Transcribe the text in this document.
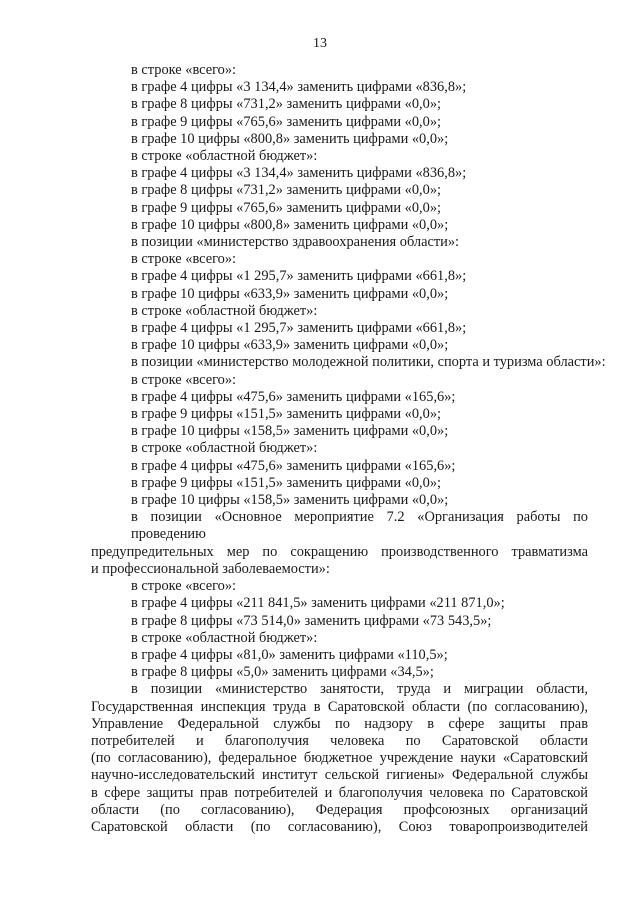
13
в строке «всего»:
в графе 4 цифры «3 134,4» заменить цифрами «836,8»;
в графе 8 цифры «731,2» заменить цифрами «0,0»;
в графе 9 цифры «765,6» заменить цифрами «0,0»;
в графе 10 цифры «800,8» заменить цифрами «0,0»;
в строке «областной бюджет»:
в графе 4 цифры «3 134,4» заменить цифрами «836,8»;
в графе 8 цифры «731,2» заменить цифрами «0,0»;
в графе 9 цифры «765,6» заменить цифрами «0,0»;
в графе 10 цифры «800,8» заменить цифрами «0,0»;
в позиции «министерство здравоохранения области»:
в строке «всего»:
в графе 4 цифры «1 295,7» заменить цифрами «661,8»;
в графе 10 цифры «633,9» заменить цифрами «0,0»;
в строке «областной бюджет»:
в графе 4 цифры «1 295,7» заменить цифрами «661,8»;
в графе 10 цифры «633,9» заменить цифрами «0,0»;
в позиции «министерство молодежной политики, спорта и туризма области»:
в строке «всего»:
в графе 4 цифры «475,6» заменить цифрами «165,6»;
в графе 9 цифры «151,5» заменить цифрами «0,0»;
в графе 10 цифры «158,5» заменить цифрами «0,0»;
в строке «областной бюджет»:
в графе 4 цифры «475,6» заменить цифрами «165,6»;
в графе 9 цифры «151,5» заменить цифрами «0,0»;
в графе 10 цифры «158,5» заменить цифрами «0,0»;
в позиции «Основное мероприятие 7.2 «Организация работы по проведению
предупредительных мер по сокращению производственного травматизма
и профессиональной заболеваемости»:
в строке «всего»:
в графе 4 цифры «211 841,5» заменить цифрами «211 871,0»;
в графе 8 цифры «73 514,0» заменить цифрами «73 543,5»;
в строке «областной бюджет»:
в графе 4 цифры «81,0» заменить цифрами «110,5»;
в графе 8 цифры «5,0» заменить цифрами «34,5»;
в позиции «министерство занятости, труда и миграции области,
Государственная инспекция труда в Саратовской области (по согласованию),
Управление Федеральной службы по надзору в сфере защиты прав
потребителей и благополучия человека по Саратовской области
(по согласованию), федеральное бюджетное учреждение науки «Саратовский
научно-исследовательский институт сельской гигиены» Федеральной службы
в сфере защиты прав потребителей и благополучия человека по Саратовской
области (по согласованию), Федерация профсоюзных организаций
Саратовской области (по согласованию), Союз товаропроизводителей
